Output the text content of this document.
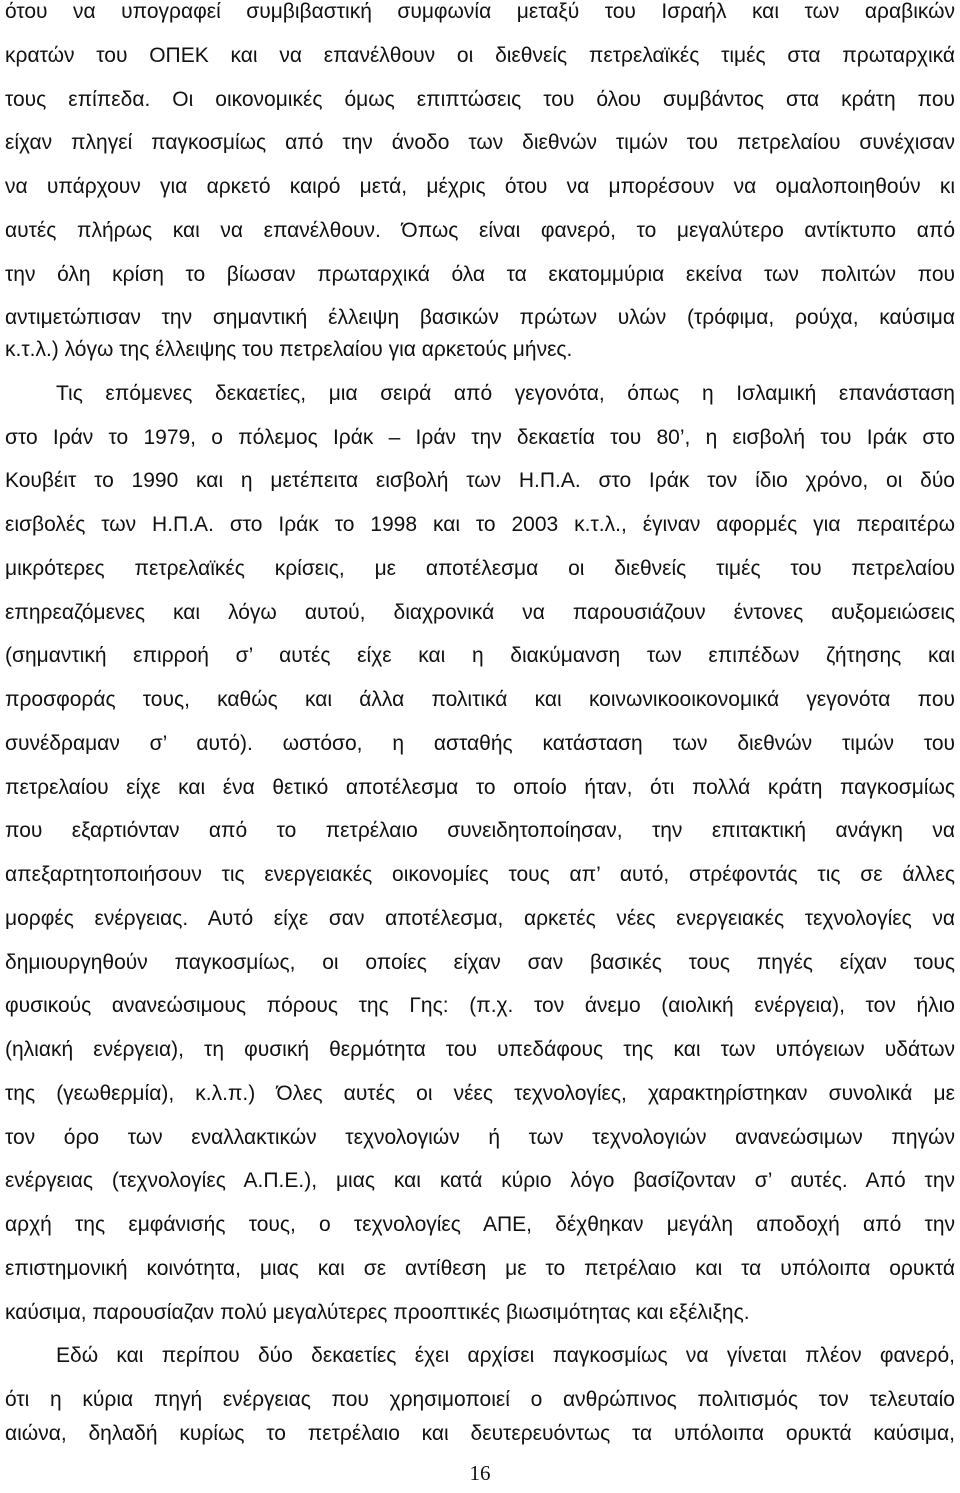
ότου να υπογραφεί συμβιβαστική συμφωνία μεταξύ του Ισραήλ και των αραβικών
κρατών του ΟΠΕΚ και να επανέλθουν οι διεθνείς πετρελαϊκές τιμές στα πρωταρχικά
τους επίπεδα. Οι οικονομικές όμως επιπτώσεις του όλου συμβάντος στα κράτη που
είχαν πληγεί παγκοσμίως από την άνοδο των διεθνών τιμών του πετρελαίου συνέχισαν
να υπάρχουν για αρκετό καιρό μετά, μέχρις ότου να μπορέσουν να ομαλοποιηθούν κι
αυτές πλήρως και να επανέλθουν. Όπως είναι φανερό, το μεγαλύτερο αντίκτυπο από
την όλη κρίση το βίωσαν πρωταρχικά όλα τα εκατομμύρια εκείνα των πολιτών που
αντιμετώπισαν την σημαντική έλλειψη βασικών πρώτων υλών (τρόφιμα, ρούχα, καύσιμα
κ.τ.λ.) λόγω της έλλειψης του πετρελαίου για αρκετούς μήνες.
Τις επόμενες δεκαετίες, μια σειρά από γεγονότα, όπως η Ισλαμική επανάσταση
στο Ιράν το 1979, ο πόλεμος Ιράκ – Ιράν την δεκαετία του 80’, η εισβολή του Ιράκ στο
Κουβέιτ το 1990 και η μετέπειτα εισβολή των Η.Π.Α. στο Ιράκ τον ίδιο χρόνο, οι δύο
εισβολές των Η.Π.Α. στο Ιράκ το 1998 και το 2003 κ.τ.λ., έγιναν αφορμές για περαιτέρω
μικρότερες πετρελαϊκές κρίσεις, με αποτέλεσμα οι διεθνείς τιμές του πετρελαίου
επηρεαζόμενες και λόγω αυτού, διαχρονικά να παρουσιάζουν έντονες αυξομειώσεις
(σημαντική επιρροή σ’ αυτές είχε και η διακύμανση των επιπέδων ζήτησης και
προσφοράς τους, καθώς και άλλα πολιτικά και κοινωνικοοικονομικά γεγονότα που
συνέδραμαν σ’ αυτό). ωστόσο, η ασταθής κατάσταση των διεθνών τιμών του
πετρελαίου είχε και ένα θετικό αποτέλεσμα το οποίο ήταν, ότι πολλά κράτη παγκοσμίως
που εξαρτιόνταν από το πετρέλαιο συνειδητοποίησαν, την επιτακτική ανάγκη να
απεξαρτητοποιήσουν τις ενεργειακές οικονομίες τους απ’ αυτό, στρέφοντάς τις σε άλλες
μορφές ενέργειας. Αυτό είχε σαν αποτέλεσμα, αρκετές νέες ενεργειακές τεχνολογίες να
δημιουργηθούν παγκοσμίως, οι οποίες είχαν σαν βασικές τους πηγές είχαν τους
φυσικούς ανανεώσιμους πόρους της Γης: (π.χ. τον άνεμο (αιολική ενέργεια), τον ήλιο
(ηλιακή ενέργεια), τη φυσική θερμότητα του υπεδάφους της και των υπόγειων υδάτων
της (γεωθερμία), κ.λ.π.) Όλες αυτές οι νέες τεχνολογίες, χαρακτηρίστηκαν συνολικά με
τον όρο των εναλλακτικών τεχνολογιών ή των τεχνολογιών ανανεώσιμων πηγών
ενέργειας (τεχνολογίες Α.Π.Ε.), μιας και κατά κύριο λόγο βασίζονταν σ’ αυτές. Από την
αρχή της εμφάνισής τους, ο τεχνολογίες ΑΠΕ, δέχθηκαν μεγάλη αποδοχή από την
επιστημονική κοινότητα, μιας και σε αντίθεση με το πετρέλαιο και τα υπόλοιπα ορυκτά
καύσιμα, παρουσίαζαν πολύ μεγαλύτερες προοπτικές βιωσιμότητας και εξέλιξης.
Εδώ και περίπου δύο δεκαετίες έχει αρχίσει παγκοσμίως να γίνεται πλέον φανερό,
ότι η κύρια πηγή ενέργειας που χρησιμοποιεί ο ανθρώπινος πολιτισμός τον τελευταίο
αιώνα, δηλαδή κυρίως το πετρέλαιο και δευτερευόντως τα υπόλοιπα ορυκτά καύσιμα,
16
